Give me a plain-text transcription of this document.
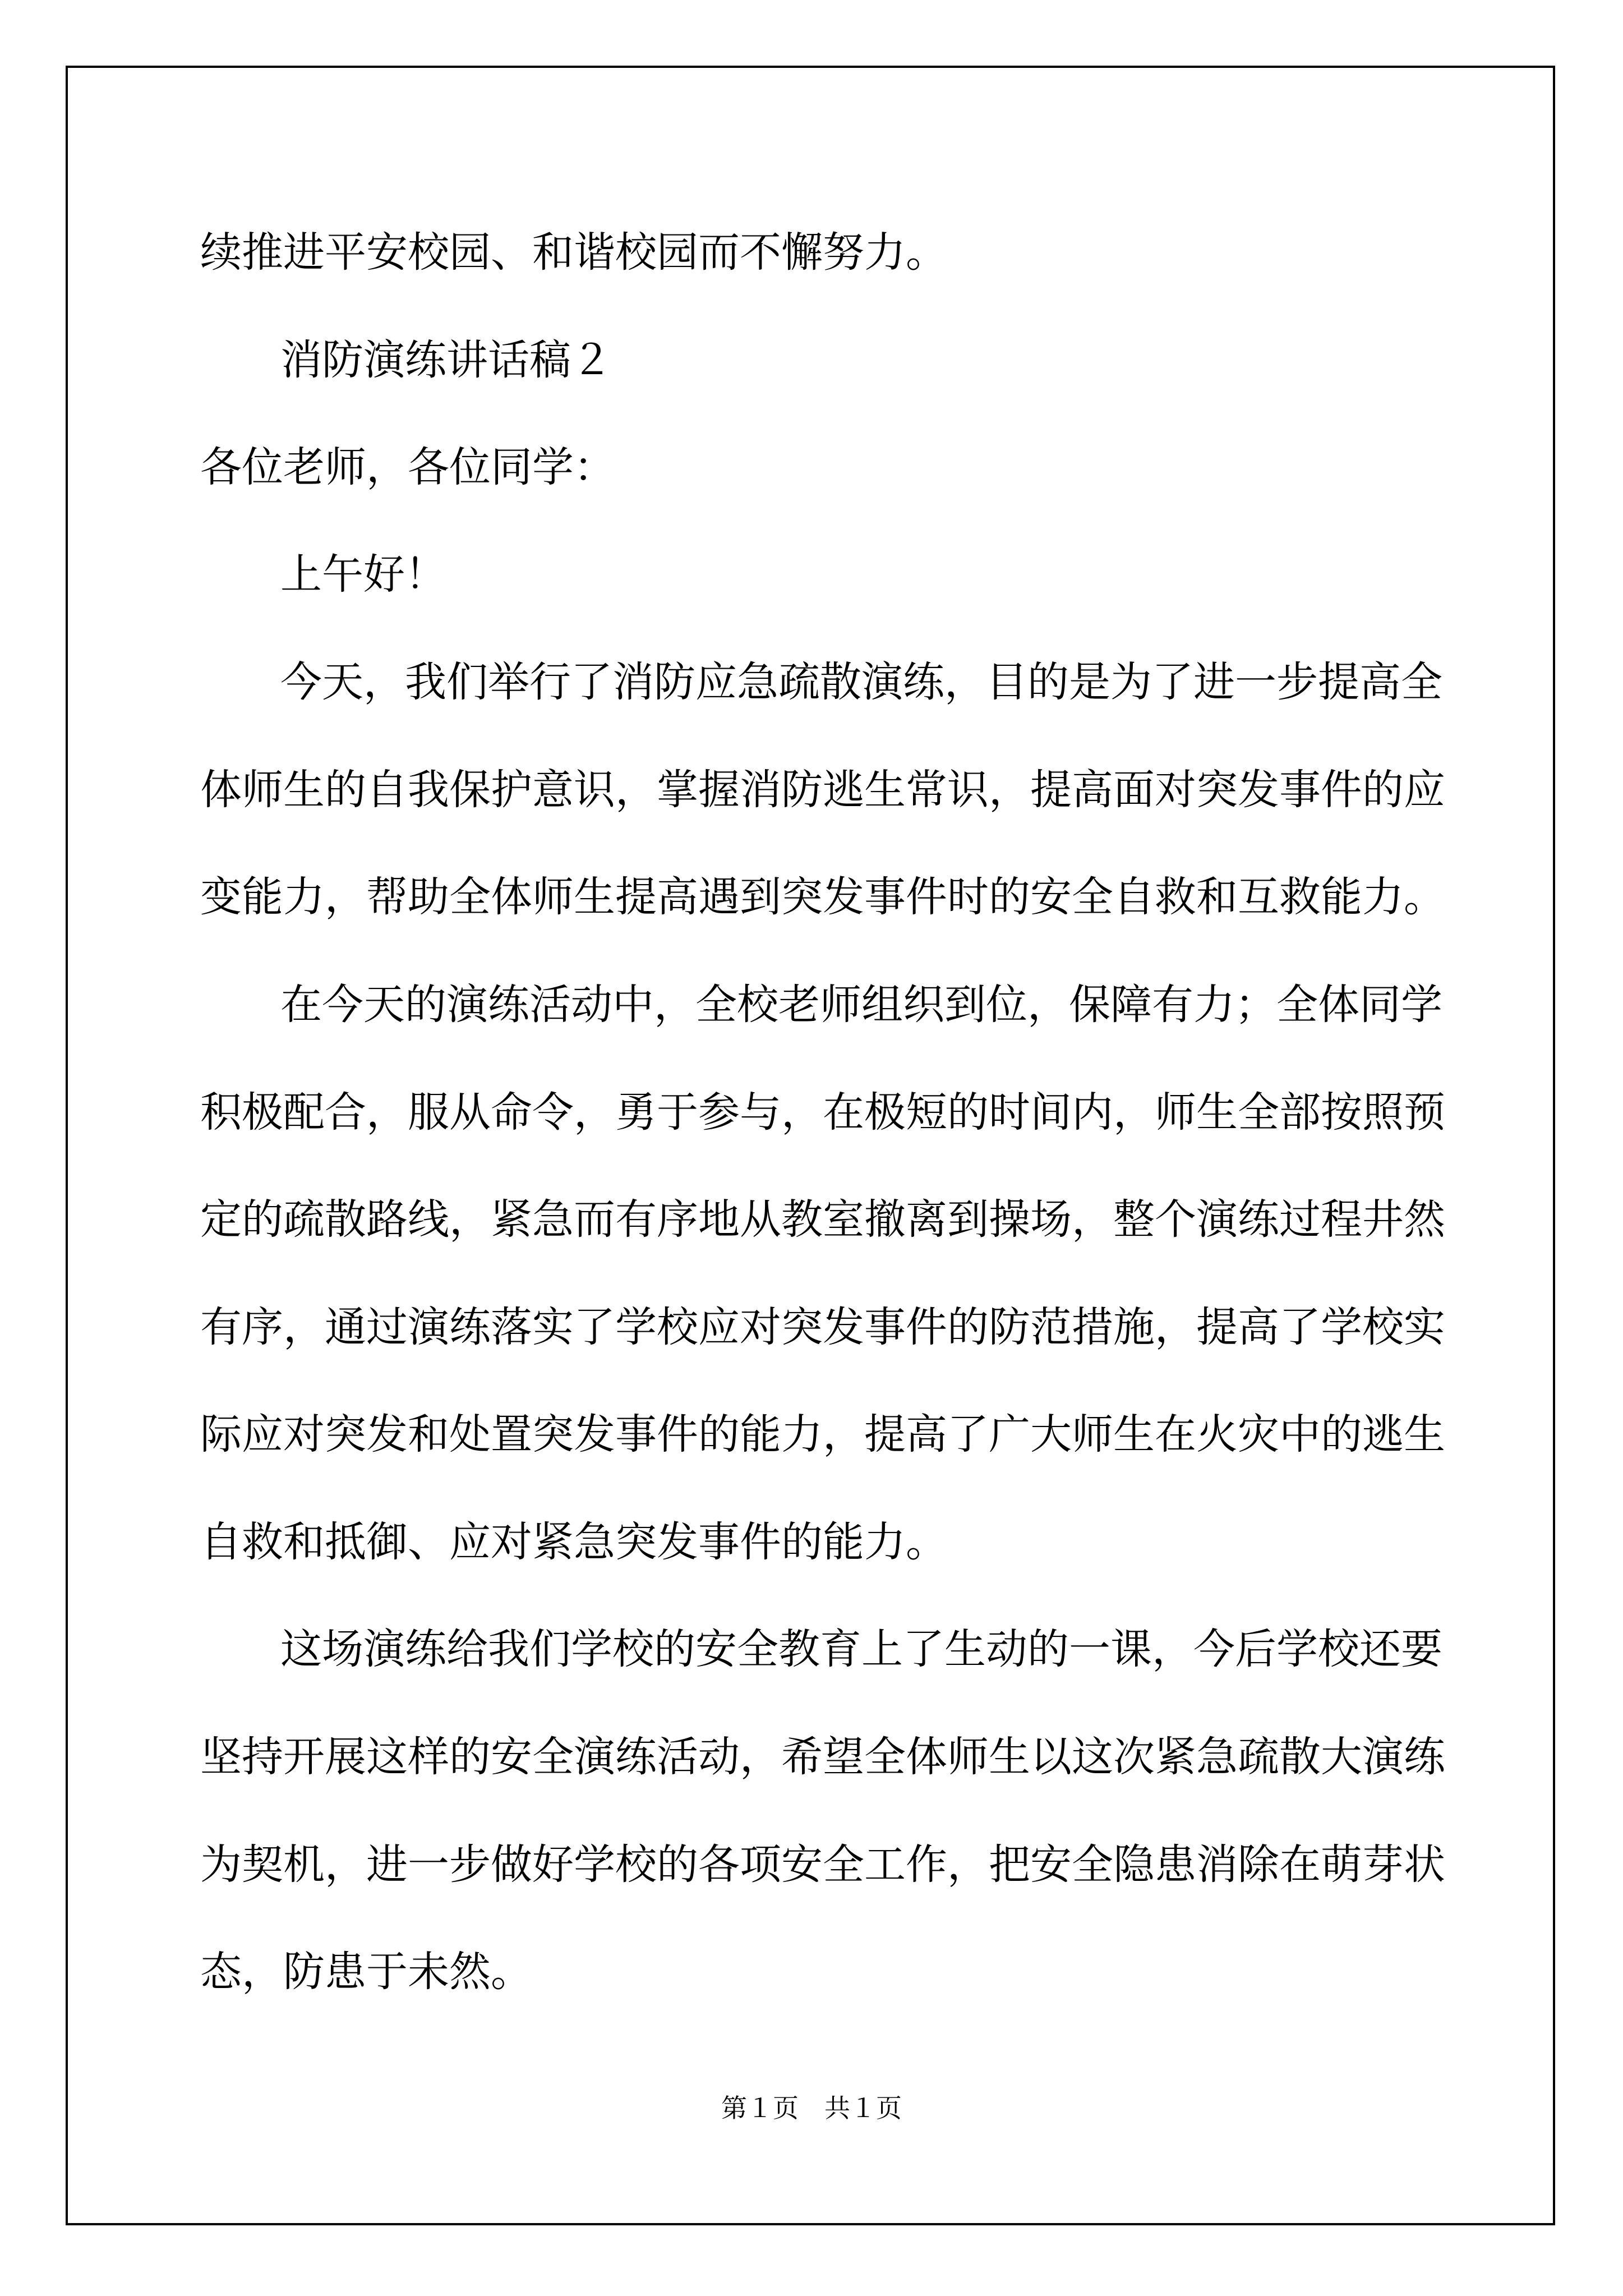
续推进平安校园、和谐校园而不懈努力。
消防演练讲话稿２
各位老师，各位同学：
上午好！
今天，我们举行了消防应急疏散演练，目的是为了进一步提高全
体师生的自我保护意识，掌握消防逃生常识，提高面对突发事件的应
变能力，帮助全体师生提高遇到突发事件时的安全自救和互救能力。
在今天的演练活动中，全校老师组织到位，保障有力；全体同学
积极配合，服从命令，勇于参与，在极短的时间内，师生全部按照预
定的疏散路线，紧急而有序地从教室撤离到操场，整个演练过程井然
有序，通过演练落实了学校应对突发事件的防范措施，提高了学校实
际应对突发和处置突发事件的能力，提高了广大师生在火灾中的逃生
自救和抵御、应对紧急突发事件的能力。
这场演练给我们学校的安全教育上了生动的一课，今后学校还要
坚持开展这样的安全演练活动，希望全体师生以这次紧急疏散大演练
为契机，进一步做好学校的各项安全工作，把安全隐患消除在萌芽状
态，防患于未然。
第１页　共１页
